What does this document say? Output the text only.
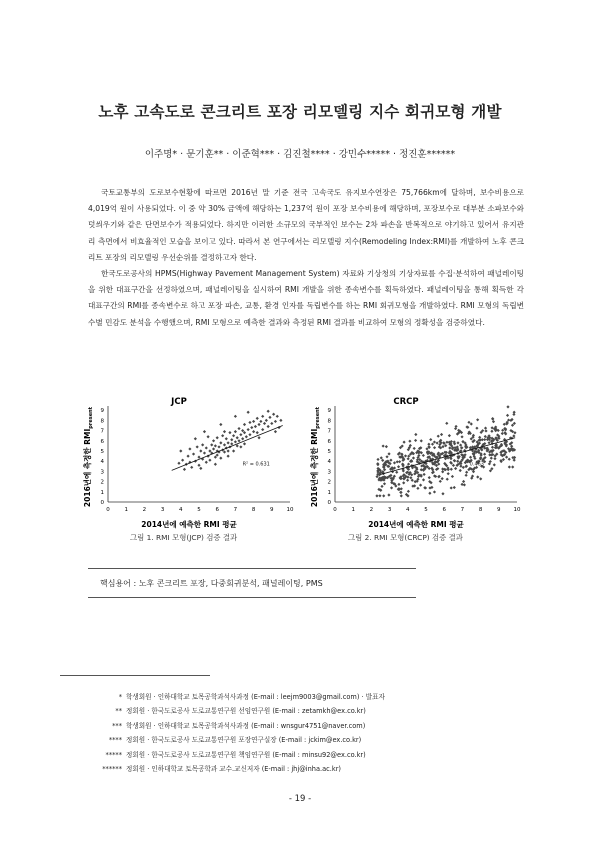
노후 고속도로 콘크리트 포장 리모델링 지수 회귀모형 개발
이주명* · 문기훈** · 이준혁*** · 김진철**** · 강민수***** · 정진훈******

국토교통부의 도로보수현황에 따르면 2016년 말 기준 전국 고속국도 유지보수연장은 75,766km에 달하며, 보수비용으로 4,019억 원이 사용되었다. 이 중 약 30% 금액에 해당하는 1,237억 원이 포장 보수비용에 해당하며, 포장보수로 대부분 소파보수와 덧씌우기와 같은 단면보수가 적용되었다. 하지만 이러한 소규모의 국부적인 보수는 2차 파손을 반복적으로 야기하고 있어서 유지관리 측면에서 비효율적인 모습을 보이고 있다. 따라서 본 연구에서는 리모델링 지수(Remodeling Index:RMI)를 개발하여 노후 콘크리트 포장의 리모델링 우선순위를 결정하고자 한다.

한국도로공사의 HPMS(Highway Pavement Management System) 자료와 기상청의 기상자료를 수집·분석하여 패널레이팅을 위한 대표구간을 선정하였으며, 패널레이팅을 실시하여 RMI 개발을 위한 종속변수를 획득하였다. 패널레이팅을 통해 획득한 각 대표구간의 RMI를 종속변수로 하고 포장 파손, 교통, 환경 인자를 독립변수를 하는 RMI 회귀모형을 개발하였다. RMI 모형의 독립변수별 민감도 분석을 수행했으며, RMI 모형으로 예측한 결과와 측정된 RMI 결과를 비교하여 모형의 정확성을 검증하였다.

JCP
0	1	2	3	4	5	6	7	8	9 10
0
1
2
3
4
5
6
7
8
9
2014년에 예측한 RMI 평균
2016년에 측정한 $RMI_{present}$
R² = 0.631
그림 1. RMI 모형(JCP) 검증 결과
CRCP
0	1	2	3	4	5	6	7	8	9 10
0
1
2
3
4
5
6
7
8
9
2014년에 예측한 RMI 평균
2016년에 측정한 $RMI_{present}$
0.463
그림 2. RMI 모형(CRCP) 검증 결과
핵심용어 : 노후 콘크리트 포장, 다중회귀분석, 패널레이팅, PMS
* 학생회원 · 인하대학교 토목공학과석사과정 (E-mail : leejm9003@gmail.com) · 발표자
** 정회원 · 한국도로공사 도로교통연구원 선임연구원 (E-mail : zetamkh@ex.co.kr)
*** 학생회원 · 인하대학교 토목공학과석사과정 (E-mail : wnsgur4751@naver.com)
**** 정회원 · 한국도로공사 도로교통연구원 포장연구실장 (E-mail : jckim@ex.co.kr)
***** 정회원 · 한국도로공사 도로교통연구원 책임연구원 (E-mail : minsu92@ex.co.kr)
****** 정회원 · 인하대학교 토목공학과 교수.교신저자 (E-mail : jhj@inha.ac.kr)
- 19 -
